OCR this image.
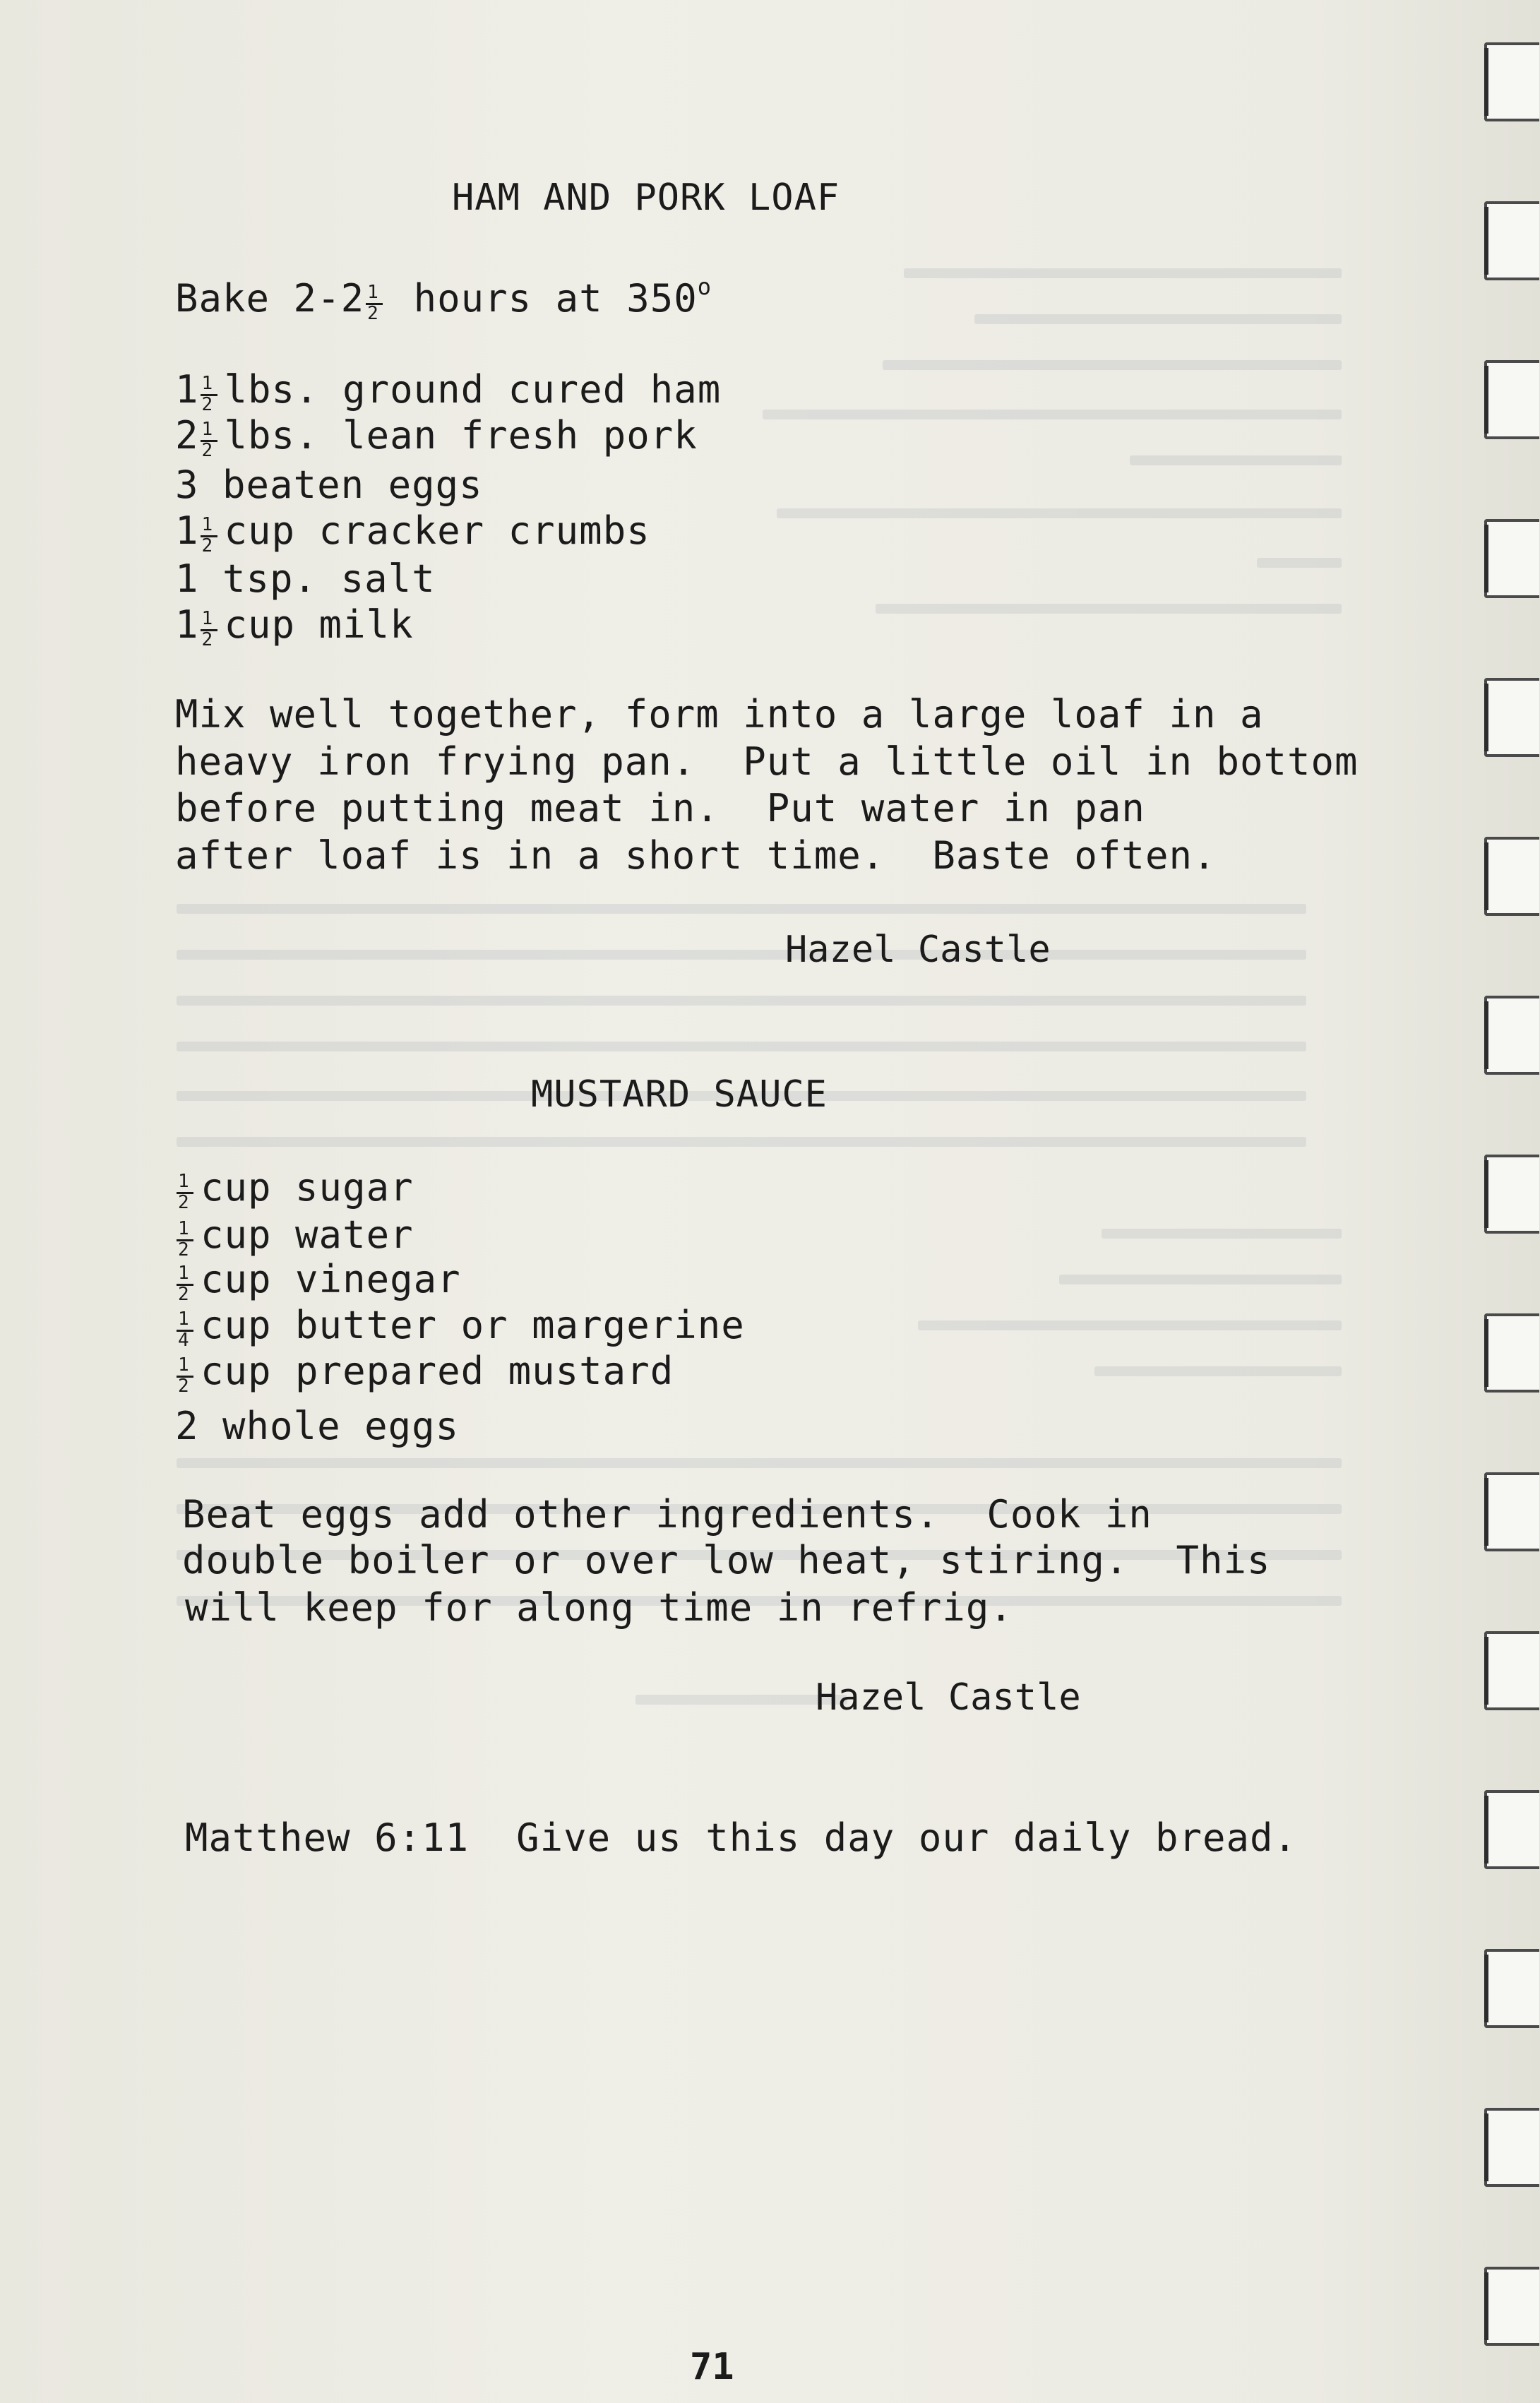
HAM AND PORK LOAF
Bake $2-2 \frac{1}{2}$ hours at 350$^o$
$1 \frac{1}{2}$ lbs. ground cured ham
$2 \frac{1}{2}$ lbs. lean fresh pork
3 beaten eggs
$1 \frac{1}{2}$ cup cracker crumbs
1 tsp. salt
$1 \frac{1}{2}$ cup milk
Mix well together, form into a large loaf in a
heavy iron frying pan.  Put a little oil in bottom
before putting meat in.  Put water in pan
after loaf is in a short time.  Baste often.
Hazel Castle
MUSTARD SAUCE
$\frac{1}{2}$ cup sugar
$\frac{1}{2}$ cup water
$\frac{1}{2}$ cup vinegar
$\frac{1}{4}$ cup butter or margerine
$\frac{1}{2}$ cup prepared mustard
2 whole eggs
Beat eggs add other ingredients.  Cook in
double boiler or over low heat, stiring.  This
will keep for along time in refrig.
Hazel Castle
Matthew 6:11  Give us this day our daily bread.
71
